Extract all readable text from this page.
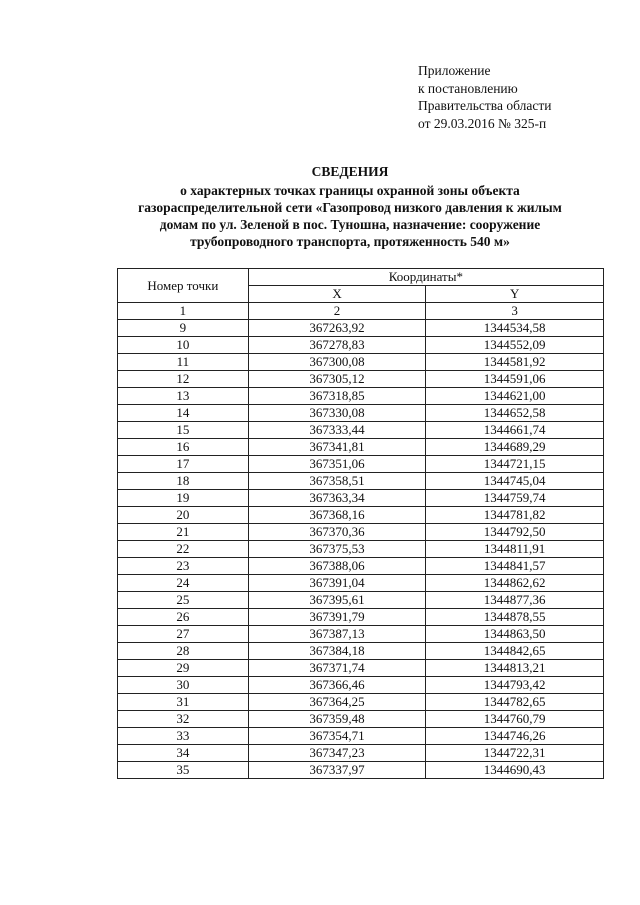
Приложение
к постановлению
Правительства области
от 29.03.2016 № 325-п
СВЕДЕНИЯ
о характерных точках границы охранной зоны объекта
газораспределительной сети «Газопровод низкого давления к жилым
домам по ул. Зеленой в пос. Туношна, назначение: сооружение
трубопроводного транспорта, протяженность 540 м»
Номер точки	Координаты*	
	X	Y
1	2	3
9	367263,92	1344534,58
10	367278,83	1344552,09
11	367300,08	1344581,92
12	367305,12	1344591,06
13	367318,85	1344621,00
14	367330,08	1344652,58
15	367333,44	1344661,74
16	367341,81	1344689,29
17	367351,06	1344721,15
18	367358,51	1344745,04
19	367363,34	1344759,74
20	367368,16	1344781,82
21	367370,36	1344792,50
22	367375,53	1344811,91
23	367388,06	1344841,57
24	367391,04	1344862,62
25	367395,61	1344877,36
26	367391,79	1344878,55
27	367387,13	1344863,50
28	367384,18	1344842,65
29	367371,74	1344813,21
30	367366,46	1344793,42
31	367364,25	1344782,65
32	367359,48	1344760,79
33	367354,71	1344746,26
34	367347,23	1344722,31
35	367337,97	1344690,43
